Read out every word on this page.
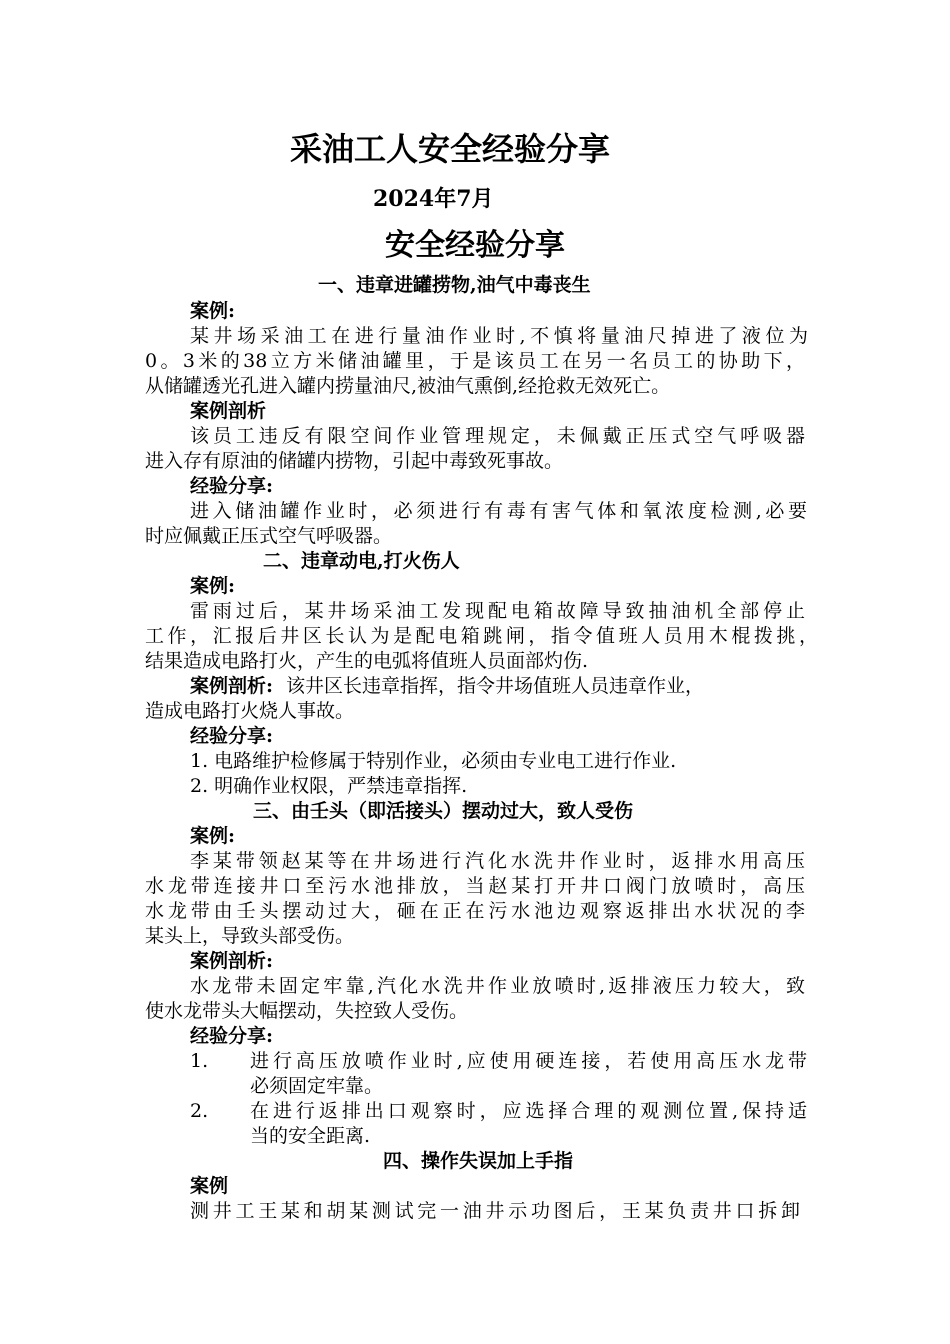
采油工人安全经验分享
2024年7月
安全经验分享
一、违章进罐捞物,油气中毒丧生
案例:
某井场采油工在进行量油作业时,不慎将量油尺掉进了液位为
0。3米的38立方米储油罐里，于是该员工在另一名员工的协助下，
从储罐透光孔进入罐内捞量油尺,被油气熏倒,经抢救无效死亡。
案例剖析
该员工违反有限空间作业管理规定，未佩戴正压式空气呼吸器
进入存有原油的储罐内捞物，引起中毒致死事故。
经验分享:
进入储油罐作业时，必须进行有毒有害气体和氧浓度检测,必要
时应佩戴正压式空气呼吸器。
二、违章动电,打火伤人
案例:
雷雨过后，某井场采油工发现配电箱故障导致抽油机全部停止
工作，汇报后井区长认为是配电箱跳闸，指令值班人员用木棍拨挑，
结果造成电路打火，产生的电弧将值班人员面部灼伤.
案例剖析: 该井区长违章指挥，指令井场值班人员违章作业，
造成电路打火烧人事故。
经验分享:
1. 电路维护检修属于特别作业，必须由专业电工进行作业.
2. 明确作业权限，严禁违章指挥.
三、由壬头（即活接头）摆动过大，致人受伤
案例:
李某带领赵某等在井场进行汽化水洗井作业时，返排水用高压
水龙带连接井口至污水池排放，当赵某打开井口阀门放喷时，高压
水龙带由壬头摆动过大，砸在正在污水池边观察返排出水状况的李
某头上，导致头部受伤。
案例剖析:
水龙带未固定牢靠,汽化水洗井作业放喷时,返排液压力较大，致
使水龙带头大幅摆动，失控致人受伤。
经验分享:
1. 进行高压放喷作业时,应使用硬连接，若使用高压水龙带
必须固定牢靠。
2. 在进行返排出口观察时，应选择合理的观测位置,保持适
当的安全距离.
四、操作失误加上手指
案例
测井工王某和胡某测试完一油井示功图后，王某负责井口拆卸
